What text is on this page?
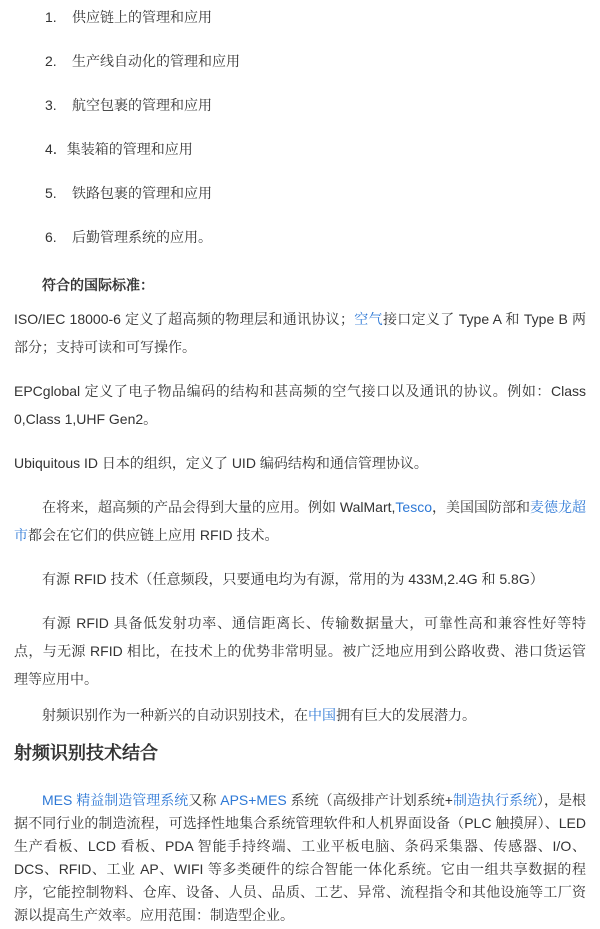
1.	供应链上的管理和应用
2.	生产线自动化的管理和应用
3.	航空包裹的管理和应用
4． 集装箱的管理和应用
5.	铁路包裹的管理和应用
6.	后勤管理系统的应用。
符合的国际标准：

ISO/IEC 18000-6 定义了超高频的物理层和通讯协议；空气接口定义了 Type A 和 Type B 两部分；支持可读和可写操作。

EPCglobal 定义了电子物品编码的结构和甚高频的空气接口以及通讯的协议。例如：Class 0,Class 1,UHF Gen2。

Ubiquitous ID 日本的组织，定义了 UID 编码结构和通信管理协议。

在将来，超高频的产品会得到大量的应用。例如 WalMart,Tesco，美国国防部和麦德龙超市都会在它们的供应链上应用 RFID 技术。

有源 RFID 技术（任意频段，只要通电均为有源，常用的为 433M,2.4G 和 5.8G）

有源 RFID 具备低发射功率、通信距离长、传输数据量大，可靠性高和兼容性好等特点，与无源 RFID 相比，在技术上的优势非常明显。被广泛地应用到公路收费、港口货运管理等应用中。

射频识别作为一种新兴的自动识别技术，在中国拥有巨大的发展潜力。

射频识别技术结合

MES 精益制造管理系统又称 APS+MES 系统（高级排产计划系统+制造执行系统），是根据不同行业的制造流程，可选择性地集合系统管理软件和人机界面设备（PLC 触摸屏）、LED 生产看板、LCD 看板、PDA 智能手持终端、工业平板电脑、条码采集器、传感器、I/O、DCS、RFID、工业 AP、WIFI 等多类硬件的综合智能一体化系统。它由一组共享数据的程序，它能控制物料、仓库、设备、人员、品质、工艺、异常、流程指令和其他设施等工厂资源以提高生产效率。应用范围：制造型企业。
